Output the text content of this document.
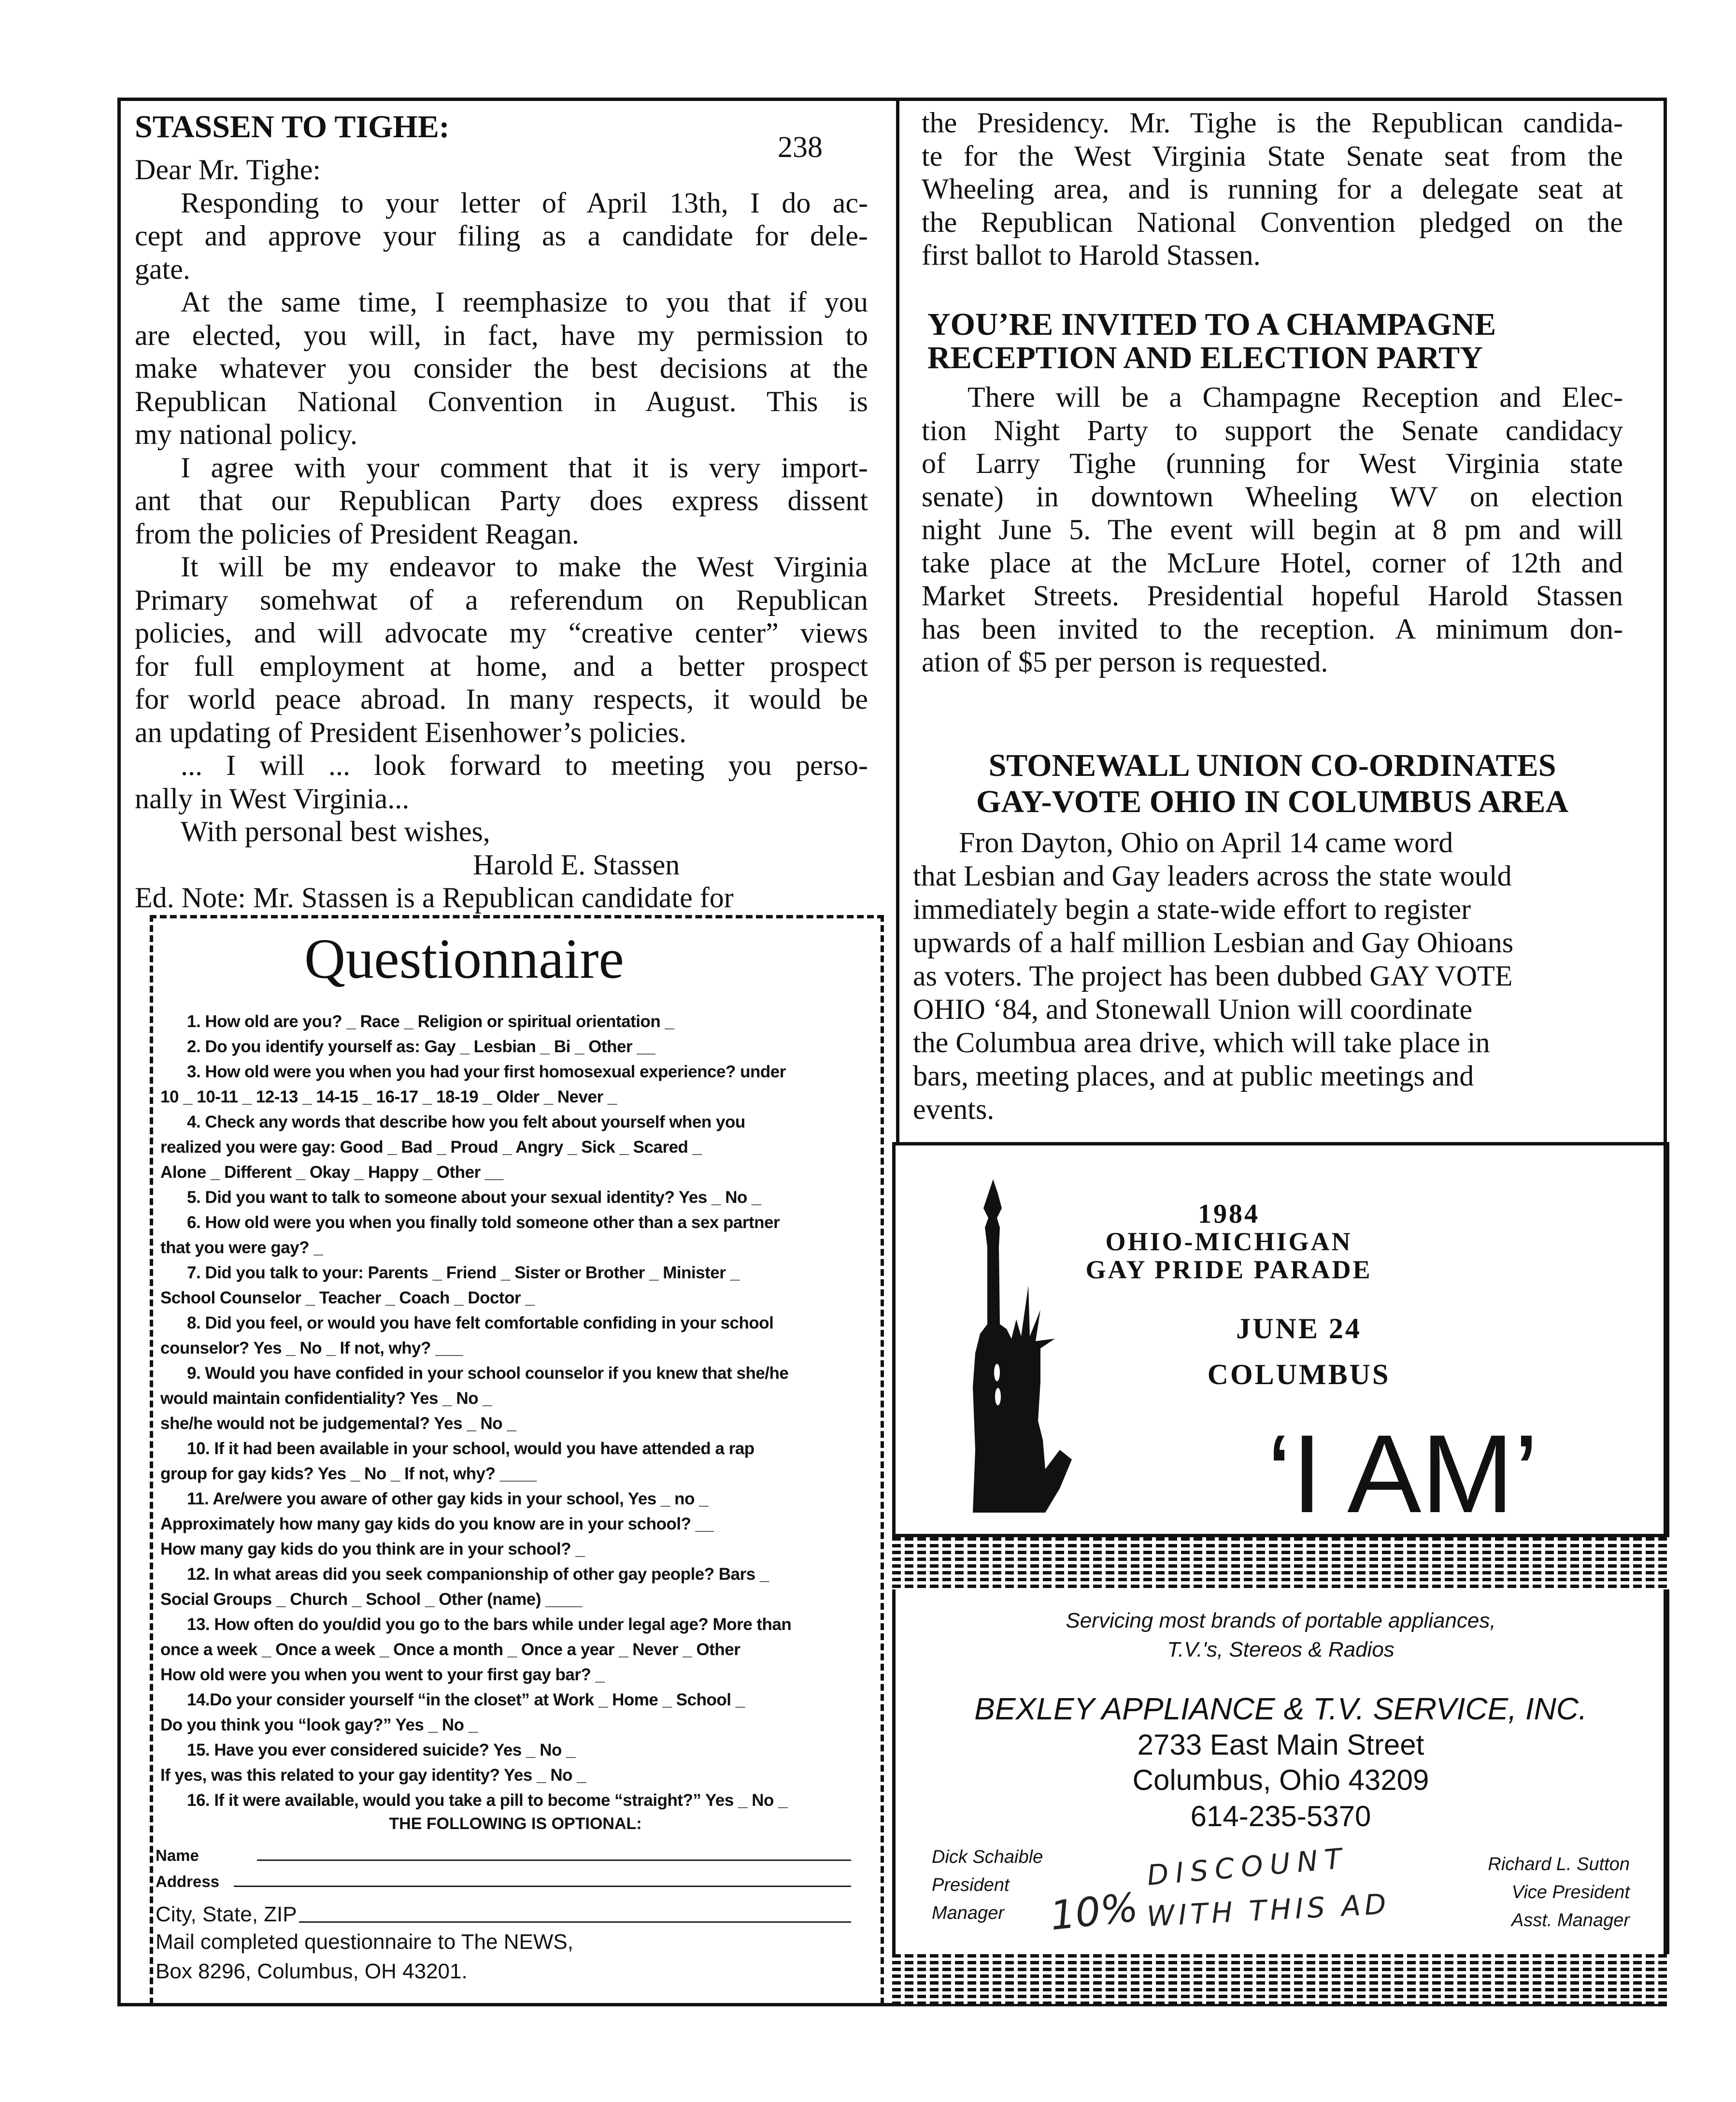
STASSEN TO TIGHE:
238
Dear Mr. Tighe:
Responding to your letter of April 13th, I do ac-
cept and approve your filing as a candidate for dele-
gate.
At the same time, I reemphasize to you that if you
are elected, you will, in fact, have my permission to
make whatever you consider the best decisions at the
Republican National Convention in August. This is
my national policy.
I agree with your comment that it is very import-
ant that our Republican Party does express dissent
from the policies of President Reagan.
It will be my endeavor to make the West Virginia
Primary somehwat of a referendum on Republican
policies, and will advocate my “creative center” views
for full employment at home, and a better prospect
for world peace abroad. In many respects, it would be
an updating of President Eisenhower’s policies.
... I will ... look forward to meeting you perso-
nally in West Virginia...
With personal best wishes,
Harold E. Stassen
Ed. Note: Mr. Stassen is a Republican candidate for
Questionnaire
1. How old are you? _ Race _ Religion or spiritual orientation _
2. Do you identify yourself as: Gay _ Lesbian _ Bi _ Other __
3. How old were you when you had your first homosexual experience? under
10 _ 10-11 _ 12-13 _ 14-15 _ 16-17 _ 18-19 _ Older _ Never _
4. Check any words that describe how you felt about yourself when you
realized you were gay: Good _ Bad _ Proud _ Angry _ Sick _ Scared _
Alone _ Different _ Okay _ Happy _ Other __
5. Did you want to talk to someone about your sexual identity? Yes _ No _
6. How old were you when you finally told someone other than a sex partner
that you were gay? _
7. Did you talk to your: Parents _ Friend _ Sister or Brother _ Minister _
School Counselor _ Teacher _ Coach _ Doctor _
8. Did you feel, or would you have felt comfortable confiding in your school
counselor? Yes _ No _ If not, why? ___
9. Would you have confided in your school counselor if you knew that she/he
would maintain confidentiality? Yes _ No _
she/he would not be judgemental? Yes _ No _
10. If it had been available in your school, would you have attended a rap
group for gay kids? Yes _ No _ If not, why? ____
11. Are/were you aware of other gay kids in your school, Yes _ no _
Approximately how many gay kids do you know are in your school? __
How many gay kids do you think are in your school? _
12. In what areas did you seek companionship of other gay people? Bars _
Social Groups _ Church _ School _ Other (name) ____
13. How often do you/did you go to the bars while under legal age? More than
once a week _ Once a week _ Once a month _ Once a year _ Never _ Other
How old were you when you went to your first gay bar? _
14.Do your consider yourself “in the closet” at Work _ Home _ School _
Do you think you “look gay?” Yes _ No _
15. Have you ever considered suicide? Yes _ No _
If yes, was this related to your gay identity? Yes _ No _
16. If it were available, would you take a pill to become “straight?” Yes _ No _
THE FOLLOWING IS OPTIONAL:
Name
Address
City, State, ZIP
Mail completed questionnaire to The NEWS,
Box 8296, Columbus, OH 43201.
the Presidency. Mr. Tighe is the Republican candida-
te for the West Virginia State Senate seat from the
Wheeling area, and is running for a delegate seat at
the Republican National Convention pledged on the
first ballot to Harold Stassen.
YOU’RE INVITED TO A CHAMPAGNE
RECEPTION AND ELECTION PARTY
There will be a Champagne Reception and Elec-
tion Night Party to support the Senate candidacy
of Larry Tighe (running for West Virginia state
senate) in downtown Wheeling WV on election
night June 5. The event will begin at 8 pm and will
take place at the McLure Hotel, corner of 12th and
Market Streets. Presidential hopeful Harold Stassen
has been invited to the reception. A minimum don-
ation of $5 per person is requested.
STONEWALL UNION CO-ORDINATES
GAY-VOTE OHIO IN COLUMBUS AREA
Fron Dayton, Ohio on April 14 came word
that Lesbian and Gay leaders across the state would
immediately begin a state-wide effort to register
upwards of a half million Lesbian and Gay Ohioans
as voters. The project has been dubbed GAY VOTE
OHIO ‘84, and Stonewall Union will coordinate
the Columbua area drive, which will take place in
bars, meeting places, and at public meetings and
events.
1984
OHIO-MICHIGAN
GAY PRIDE PARADE
JUNE 24
COLUMBUS
‘I AM’
Servicing most brands of portable appliances,
T.V.'s, Stereos & Radios
BEXLEY APPLIANCE & T.V. SERVICE, INC.
2733 East Main Street
Columbus, Ohio 43209
614-235-5370
Dick Schaible
President
Manager
Richard L. Sutton
Vice President
Asst. Manager
10%
DISCOUNT
WITH THIS AD
